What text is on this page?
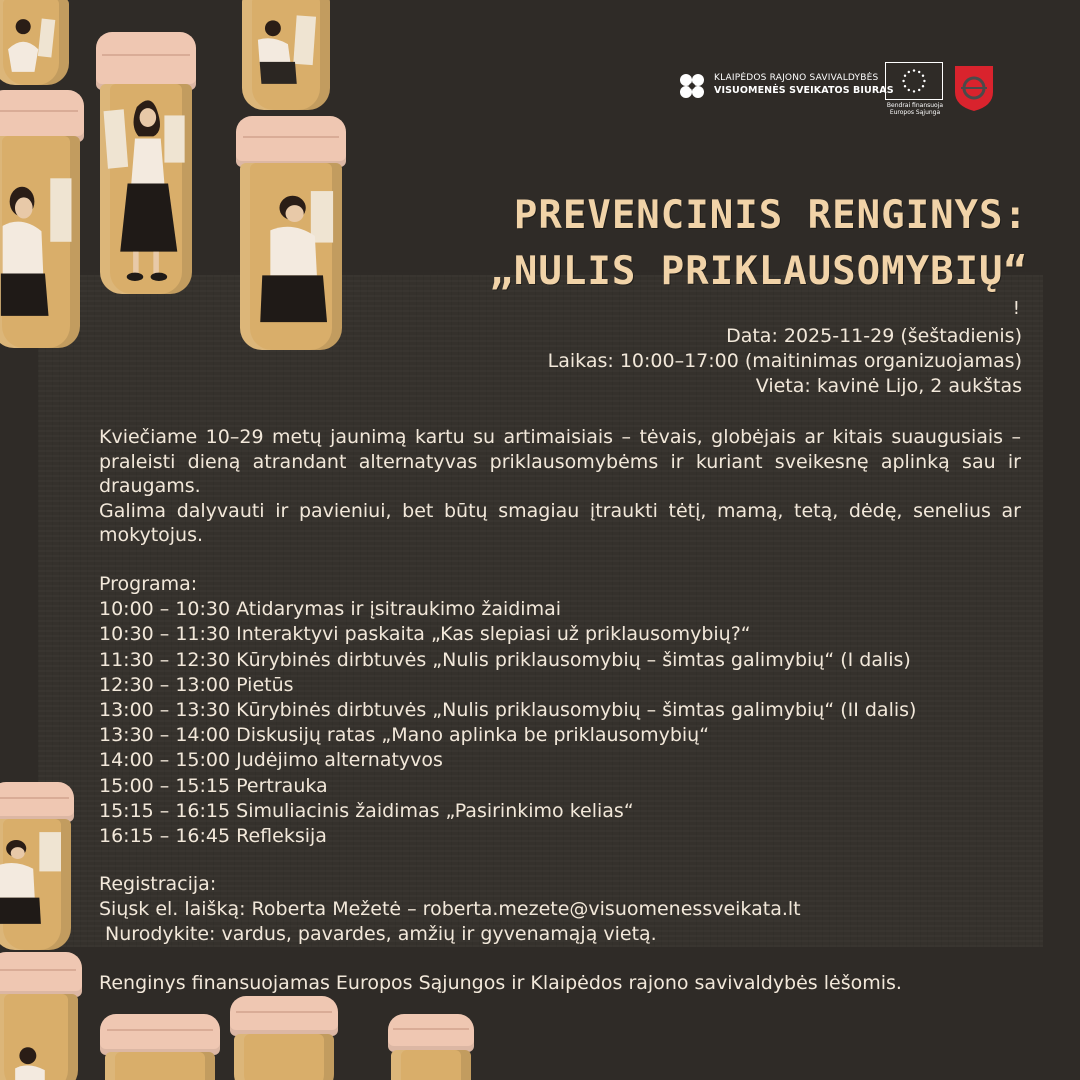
KLAIPĖDOS RAJONO SAVIVALDYBĖS
VISUOMENĖS SVEIKATOS BIURAS
Bendrai finansuoja
Europos Sąjunga
PREVENCINIS RENGINYS:
„NULIS PRIKLAUSOMYBIŲ“
!
Data: 2025-11-29 (šeštadienis)
Laikas: 10:00–17:00 (maitinimas organizuojamas)
Vieta: kavinė Lijo, 2 aukštas

Kviečiame 10–29 metų jaunimą kartu su artimaisiais – tėvais, globėjais ar kitais suaugusiais – praleisti dieną atrandant alternatyvas priklausomybėms ir kuriant sveikesnę aplinką sau ir draugams.

Galima dalyvauti ir pavieniui, bet būtų smagiau įtraukti tėtį, mamą, tetą, dėdę, senelius ar mokytojus.

Programa:
10:00 – 10:30 Atidarymas ir įsitraukimo žaidimai
10:30 – 11:30 Interaktyvi paskaita „Kas slepiasi už priklausomybių?“
11:30 – 12:30 Kūrybinės dirbtuvės „Nulis priklausomybių – šimtas galimybių“ (I dalis)
12:30 – 13:00 Pietūs
13:00 – 13:30 Kūrybinės dirbtuvės „Nulis priklausomybių – šimtas galimybių“ (II dalis)
13:30 – 14:00 Diskusijų ratas „Mano aplinka be priklausomybių“
14:00 – 15:00 Judėjimo alternatyvos
15:00 – 15:15 Pertrauka
15:15 – 16:15 Simuliacinis žaidimas „Pasirinkimo kelias“
16:15 – 16:45 Refleksija
Registracija:
Siųsk el. laišką: Roberta Mežetė – roberta.mezete@visuomenessveikata.lt
Nurodykite: vardus, pavardes, amžių ir gyvenamąją vietą.
Renginys finansuojamas Europos Sąjungos ir Klaipėdos rajono savivaldybės lėšomis.
